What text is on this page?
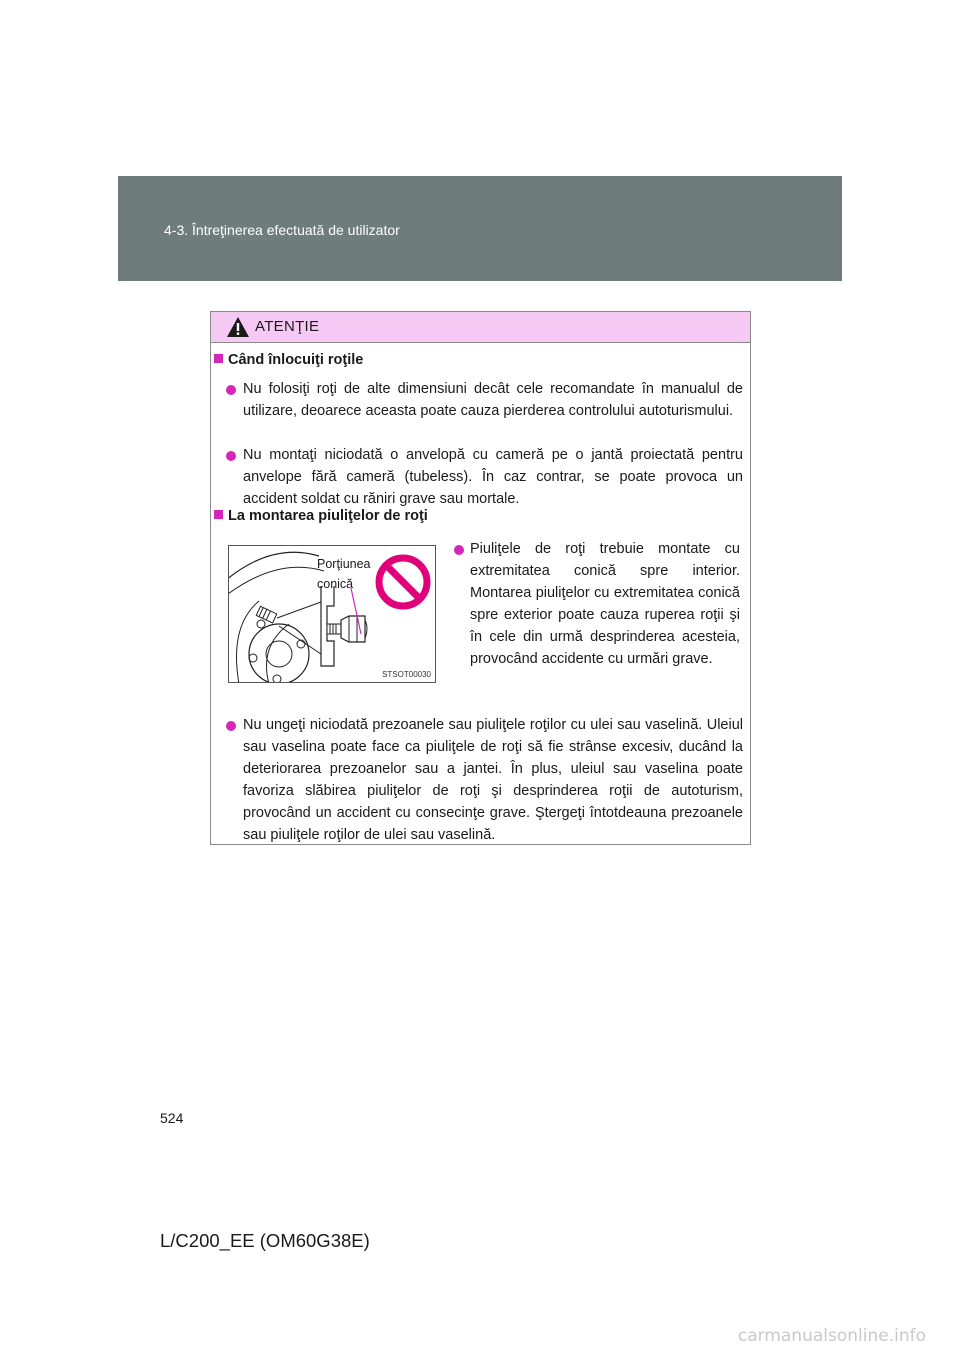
4-3. Întreţinerea efectuată de utilizator
ATENŢIE
Când înlocuiţi roţile

Nu folosiţi roţi de alte dimensiuni decât cele recomandate în manualul de utilizare, deoarece aceasta poate cauza pierderea controlului autoturismului.

Nu montaţi niciodată o anvelopă cu cameră pe o jantă proiectată pentru anvelope fără cameră (tubeless). În caz contrar, se poate provoca un accident soldat cu răniri grave sau mortale.

La montarea piuliţelor de roţi
Porţiunea
conică
STSOT00030

Piuliţele de roţi trebuie montate cu extremitatea conică spre interior. Montarea piuliţelor cu extremitatea conică spre exterior poate cauza ruperea roţii şi în cele din urmă desprinderea acesteia, provocând accidente cu urmări grave.

Nu ungeţi niciodată prezoanele sau piuliţele roţilor cu ulei sau vaselină. Uleiul sau vaselina poate face ca piuliţele de roţi să fie strânse excesiv, ducând la deteriorarea prezoanelor sau a jantei. În plus, uleiul sau vaselina poate favoriza slăbirea piuliţelor de roţi şi desprinderea roţii de autoturism, provocând un accident cu consecinţe grave. Ştergeţi întotdeauna prezoanele sau piuliţele roţilor de ulei sau vaselină.

524
L/C200_EE (OM60G38E)
carmanualsonline.info
